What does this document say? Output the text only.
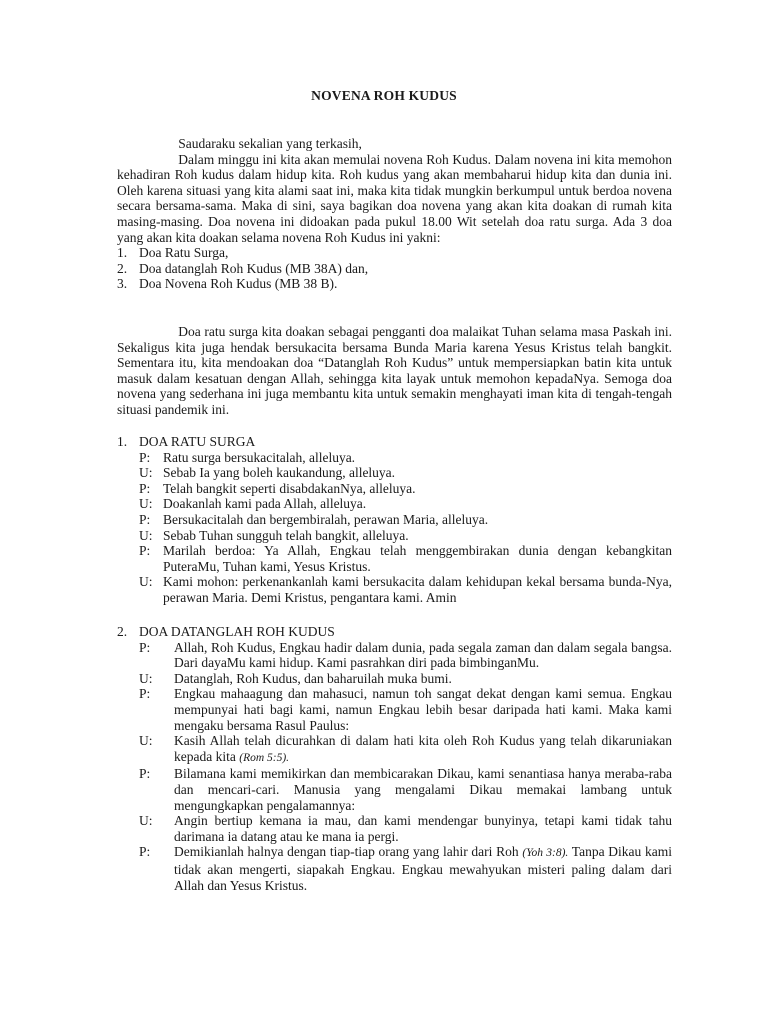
NOVENA ROH KUDUS
Saudaraku sekalian yang terkasih,
Dalam minggu ini kita akan memulai novena Roh Kudus. Dalam novena ini kita memohon kehadiran Roh kudus dalam hidup kita. Roh kudus yang akan membaharui hidup kita dan dunia ini. Oleh karena situasi yang kita alami saat ini, maka kita tidak mungkin berkumpul untuk berdoa novena secara bersama-sama. Maka di sini, saya bagikan doa novena yang akan kita doakan di rumah kita masing-masing. Doa novena ini didoakan pada pukul 18.00 Wit setelah doa ratu surga. Ada 3 doa yang akan kita doakan selama novena Roh Kudus ini yakni:
1. Doa Ratu Surga,
2. Doa datanglah Roh Kudus (MB 38A) dan,
3. Doa Novena Roh Kudus (MB 38 B).
Doa ratu surga kita doakan sebagai pengganti doa malaikat Tuhan selama masa Paskah ini. Sekaligus kita juga hendak bersukacita bersama Bunda Maria karena Yesus Kristus telah bangkit. Sementara itu, kita mendoakan doa “Datanglah Roh Kudus” untuk mempersiapkan batin kita untuk masuk dalam kesatuan dengan Allah, sehingga kita layak untuk memohon kepadaNya. Semoga doa novena yang sederhana ini juga membantu kita untuk semakin menghayati iman kita di tengah-tengah situasi pandemik ini.
1. DOA RATU SURGA
P: Ratu surga bersukacitalah, alleluya.
U: Sebab Ia yang boleh kaukandung, alleluya.
P: Telah bangkit seperti disabdakanNya, alleluya.
U: Doakanlah kami pada Allah, alleluya.
P: Bersukacitalah dan bergembiralah, perawan Maria, alleluya.
U: Sebab Tuhan sungguh telah bangkit, alleluya.
P: Marilah berdoa: Ya Allah, Engkau telah menggembirakan dunia dengan kebangkitan PuteraMu, Tuhan kami, Yesus Kristus.
U: Kami mohon: perkenankanlah kami bersukacita dalam kehidupan kekal bersama bunda-Nya, perawan Maria. Demi Kristus, pengantara kami. Amin
2. DOA DATANGLAH ROH KUDUS
P: Allah, Roh Kudus, Engkau hadir dalam dunia, pada segala zaman dan dalam segala bangsa. Dari dayaMu kami hidup. Kami pasrahkan diri pada bimbinganMu.
U: Datanglah, Roh Kudus, dan baharuilah muka bumi.
P: Engkau mahaagung dan mahasuci, namun toh sangat dekat dengan kami semua. Engkau mempunyai hati bagi kami, namun Engkau lebih besar daripada hati kami. Maka kami mengaku bersama Rasul Paulus:
U: Kasih Allah telah dicurahkan di dalam hati kita oleh Roh Kudus yang telah dikaruniakan kepada kita (Rom 5:5).
P: Bilamana kami memikirkan dan membicarakan Dikau, kami senantiasa hanya meraba-raba dan mencari-cari. Manusia yang mengalami Dikau memakai lambang untuk mengungkapkan pengalamannya:
U: Angin bertiup kemana ia mau, dan kami mendengar bunyinya, tetapi kami tidak tahu darimana ia datang atau ke mana ia pergi.
P: Demikianlah halnya dengan tiap-tiap orang yang lahir dari Roh (Yoh 3:8). Tanpa Dikau kami tidak akan mengerti, siapakah Engkau. Engkau mewahyukan misteri paling dalam dari Allah dan Yesus Kristus.
